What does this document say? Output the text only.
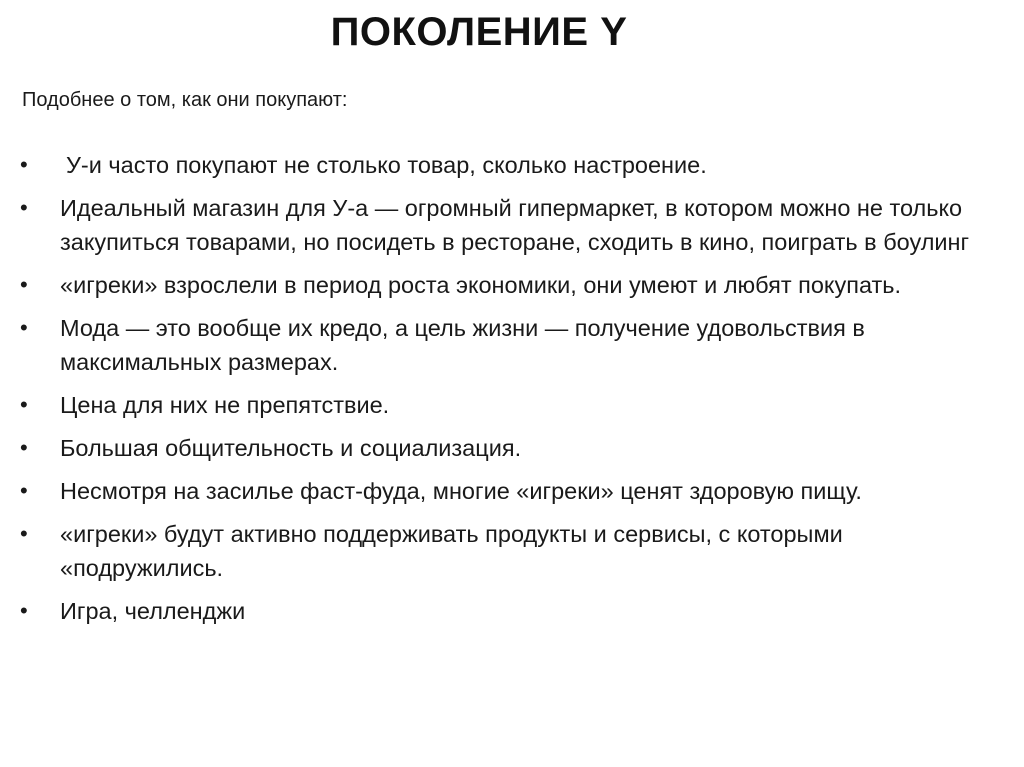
ПОКОЛЕНИЕ Y

Подобнее о том, как они покупают:

•	У-и часто покупают не столько товар, сколько настроение.
•	Идеальный магазин для У-а — огромный гипермаркет, в котором можно не только закупиться товарами, но посидеть в ресторане, сходить в кино, поиграть в боулинг
•	«игреки» взрослели в период роста экономики, они умеют и любят покупать.
•	Мода — это вообще их кредо, а цель жизни — получение удовольствия в максимальных размерах.
•	Цена для них не препятствие.
•	Большая общительность и социализация.
•	Несмотря на засилье фаст-фуда, многие «игреки» ценят здоровую пищу.
•	«игреки» будут активно поддерживать продукты и сервисы, с которыми «подружились.
•	Игра, челленджи
